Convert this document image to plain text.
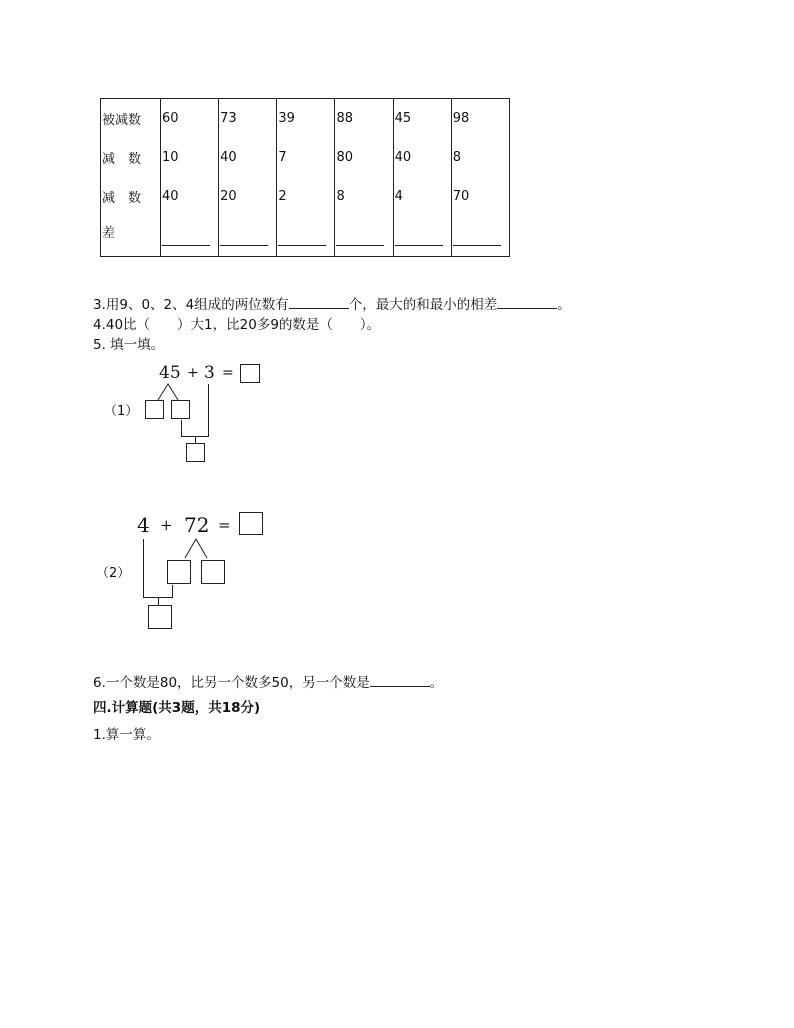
被减数	60	73	39	88	45	98
减　数	10	40	7	80	40	8
减　数	40	20	2	8	4	70
差						
3.用9、0、2、4组成的两位数有	个，最大的和最小的相差	。
4.40比（　　）大1，比20多9的数是（　　）。
5. 填一填。
45 + 3 =
（1）
4 + 72 =
（2）
6.一个数是80，比另一个数多50，另一个数是	。
四.计算题(共3题，共18分)
1.算一算。
